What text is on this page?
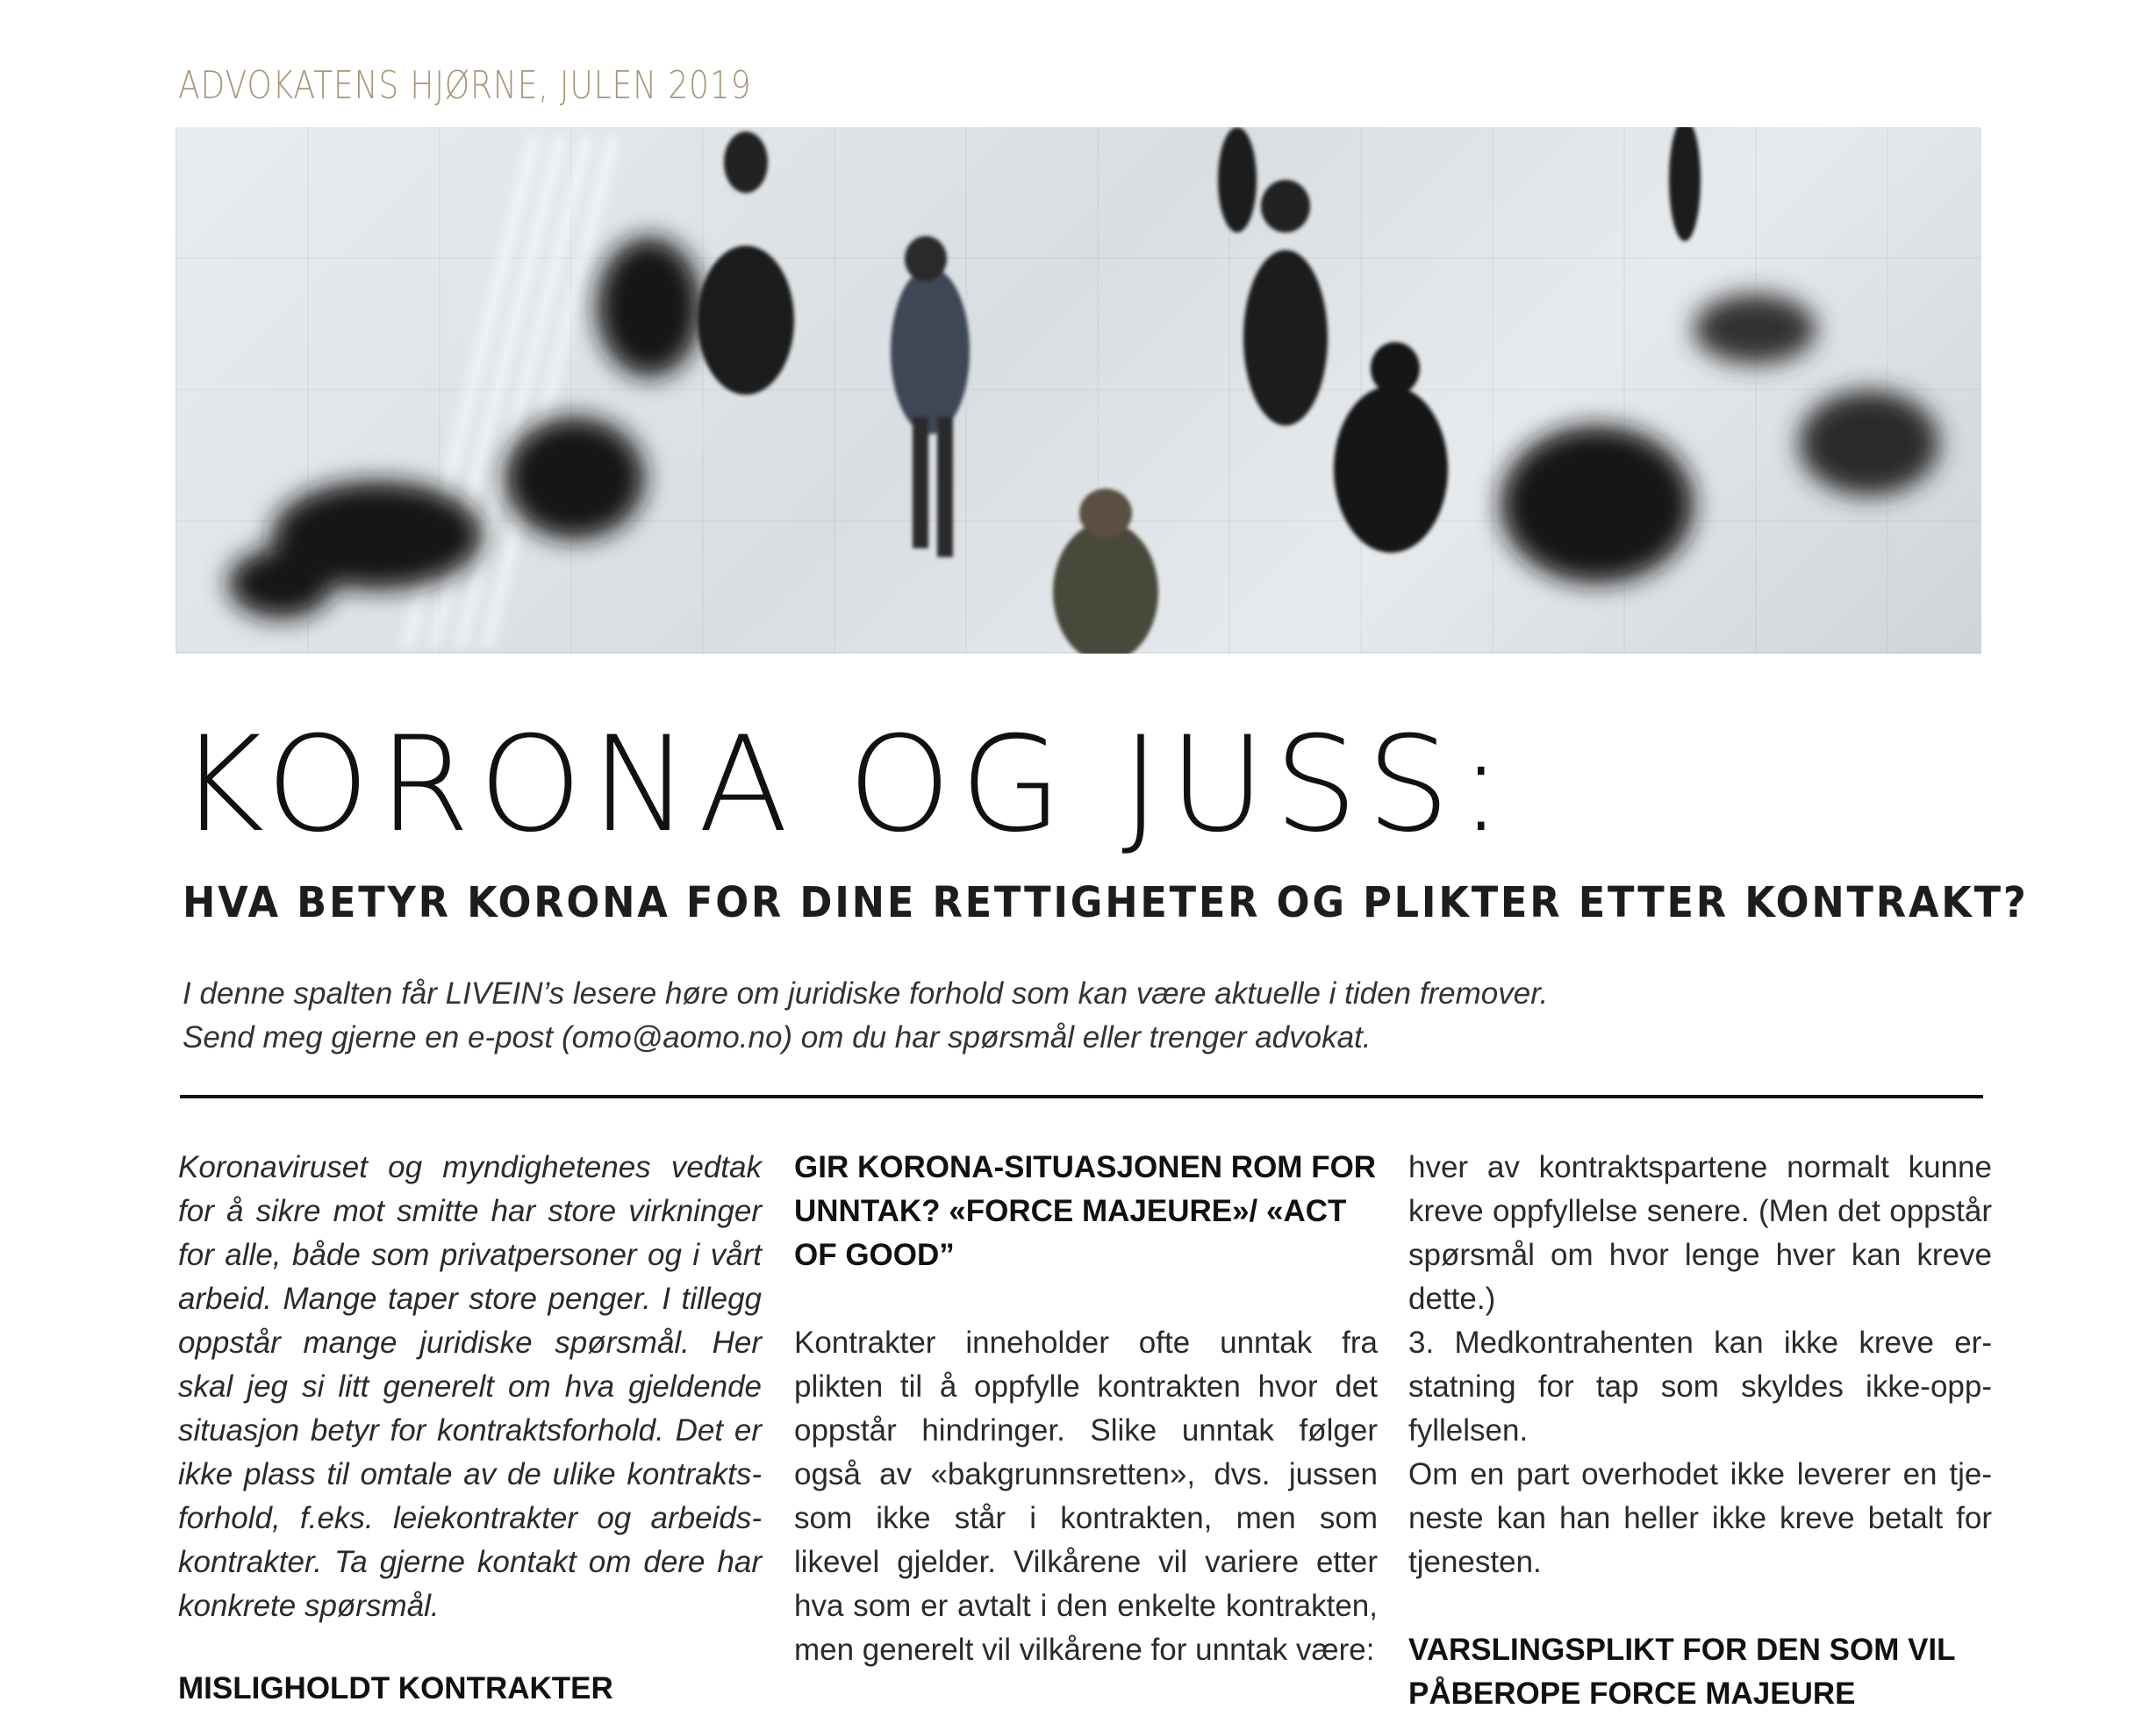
ADVOKATENS HJØRNE, JULEN 2019
KORONA OG JUSS:
HVA BETYR KORONA FOR DINE RETTIGHETER OG PLIKTER ETTER KONTRAKT?

I denne spalten får LIVEIN’s lesere høre om juridiske forhold som kan være aktuelle i tiden fremover.

Send meg gjerne en e-post (omo@aomo.no) om du har spørsmål eller trenger advokat.

Koronaviruset og myndighetenes vedtak for å sikre mot smitte har store virkninger for alle, både som privatpersoner og i vårt arbeid. Mange taper store penger. I tillegg oppstår mange juridiske spørsmål. Her skal jeg si litt generelt om hva gjeldende situasjon betyr for kontraktsforhold. Det er ikke plass til omtale av de ulike kontraktsforhold, f.eks. leiekontrakter og arbeidskontrakter. Ta gjerne kontakt om dere har konkrete spørsmål.

MISLIGHOLDT KONTRAKTER
GIR KORONA-SITUASJONEN ROM FOR UNNTAK? «FORCE MAJEURE»/ «ACT OF GOOD”

Kontrakter inneholder ofte unntak fra plikten til å oppfylle kontrakten hvor det oppstår hindringer. Slike unntak følger også av «bakgrunnsretten», dvs. jussen som ikke står i kontrakten, men som likevel gjelder. Vilkårene vil variere etter hva som er avtalt i den enkelte kontrakten, men generelt vil vilkårene for unntak være:

hver av kontraktspartene normalt kunne kreve oppfyllelse senere. (Men det oppstår spørsmål om hvor lenge hver kan kreve dette.)

3. Medkontrahenten kan ikke kreve erstatning for tap som skyldes ikke-oppfyllelsen.

Om en part overhodet ikke leverer en tjeneste kan han heller ikke kreve betalt for tjenesten.

VARSLINGSPLIKT FOR DEN SOM VIL PÅBEROPE FORCE MAJEURE
